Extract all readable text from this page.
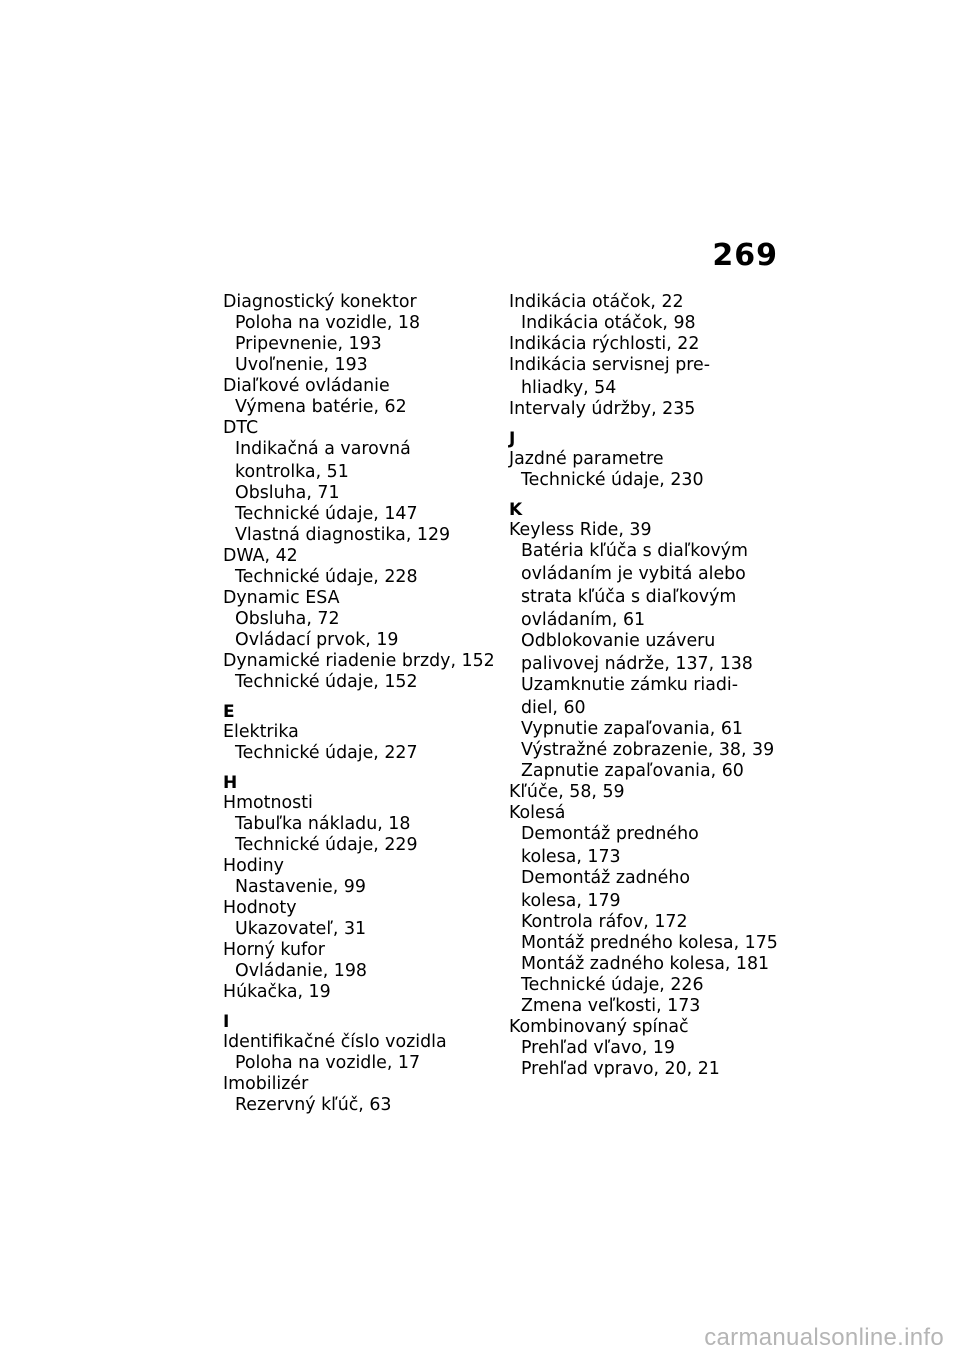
269
Diagnostický konektor
Poloha na vozidle, 18
Pripevnenie, 193
Uvoľnenie, 193
Diaľkové ovládanie
Výmena batérie, 62
DTC
Indikačná a varovná
kontrolka, 51
Obsluha, 71
Technické údaje, 147
Vlastná diagnostika, 129
DWA, 42
Technické údaje, 228
Dynamic ESA
Obsluha, 72
Ovládací prvok, 19
Dynamické riadenie brzdy, 152
Technické údaje, 152
E
Elektrika
Technické údaje, 227
H
Hmotnosti
Tabuľka nákladu, 18
Technické údaje, 229
Hodiny
Nastavenie, 99
Hodnoty
Ukazovateľ, 31
Horný kufor
Ovládanie, 198
Húkačka, 19
I
Identifikačné číslo vozidla
Poloha na vozidle, 17
Imobilizér
Rezervný kľúč, 63
Indikácia otáčok, 22
Indikácia otáčok, 98
Indikácia rýchlosti, 22
Indikácia servisnej pre-
hliadky, 54
Intervaly údržby, 235
J
Jazdné parametre
Technické údaje, 230
K
Keyless Ride, 39
Batéria kľúča s diaľkovým
ovládaním je vybitá alebo
strata kľúča s diaľkovým
ovládaním, 61
Odblokovanie uzáveru
palivovej nádrže, 137, 138
Uzamknutie zámku riadi-
diel, 60
Vypnutie zapaľovania, 61
Výstražné zobrazenie, 38, 39
Zapnutie zapaľovania, 60
Kľúče, 58, 59
Kolesá
Demontáž predného
kolesa, 173
Demontáž zadného
kolesa, 179
Kontrola ráfov, 172
Montáž predného kolesa, 175
Montáž zadného kolesa, 181
Technické údaje, 226
Zmena veľkosti, 173
Kombinovaný spínač
Prehľad vľavo, 19
Prehľad vpravo, 20, 21
carmanualsonline.info
